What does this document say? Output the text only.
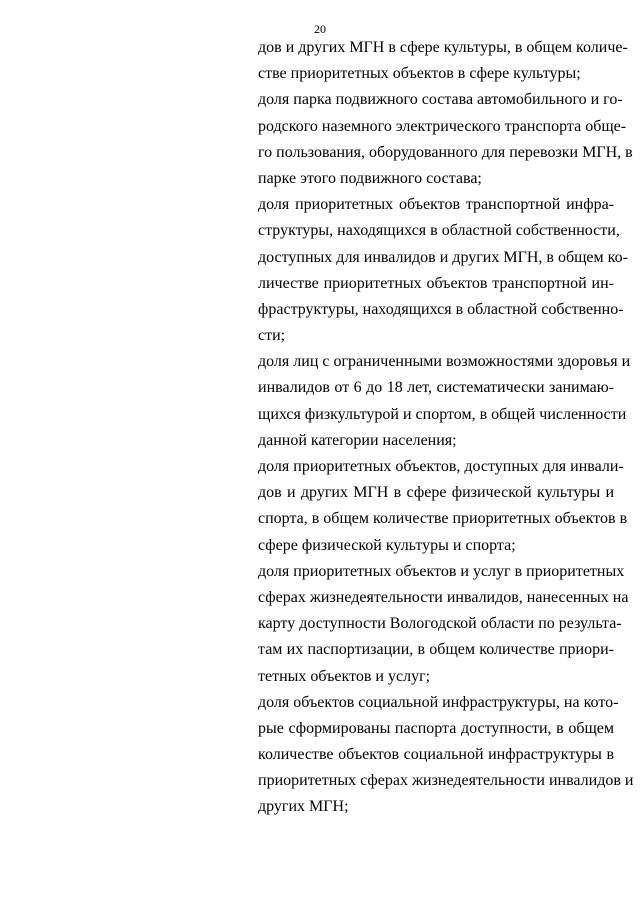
20
дов и других МГН в сфере культуры, в общем количе-
стве приоритетных объектов в сфере культуры;
доля парка подвижного состава автомобильного и го-
родского наземного электрического транспорта обще-
го пользования, оборудованного для перевозки МГН, в
парке этого подвижного состава;
доля приоритетных объектов транспортной инфра-
структуры, находящихся в областной собственности,
доступных для инвалидов и других МГН, в общем ко-
личестве приоритетных объектов транспортной ин-
фраструктуры, находящихся в областной собственно-
сти;
доля лиц с ограниченными возможностями здоровья и
инвалидов от 6 до 18 лет, систематически занимаю-
щихся физкультурой и спортом, в общей численности
данной категории населения;
доля приоритетных объектов, доступных для инвали-
дов и других МГН в сфере физической культуры и
спорта, в общем количестве приоритетных объектов в
сфере физической культуры и спорта;
доля приоритетных объектов и услуг в приоритетных
сферах жизнедеятельности инвалидов, нанесенных на
карту доступности Вологодской области по результа-
там их паспортизации, в общем количестве приори-
тетных объектов и услуг;
доля объектов социальной инфраструктуры, на кото-
рые сформированы паспорта доступности, в общем
количестве объектов социальной инфраструктуры в
приоритетных сферах жизнедеятельности инвалидов и
других МГН;
